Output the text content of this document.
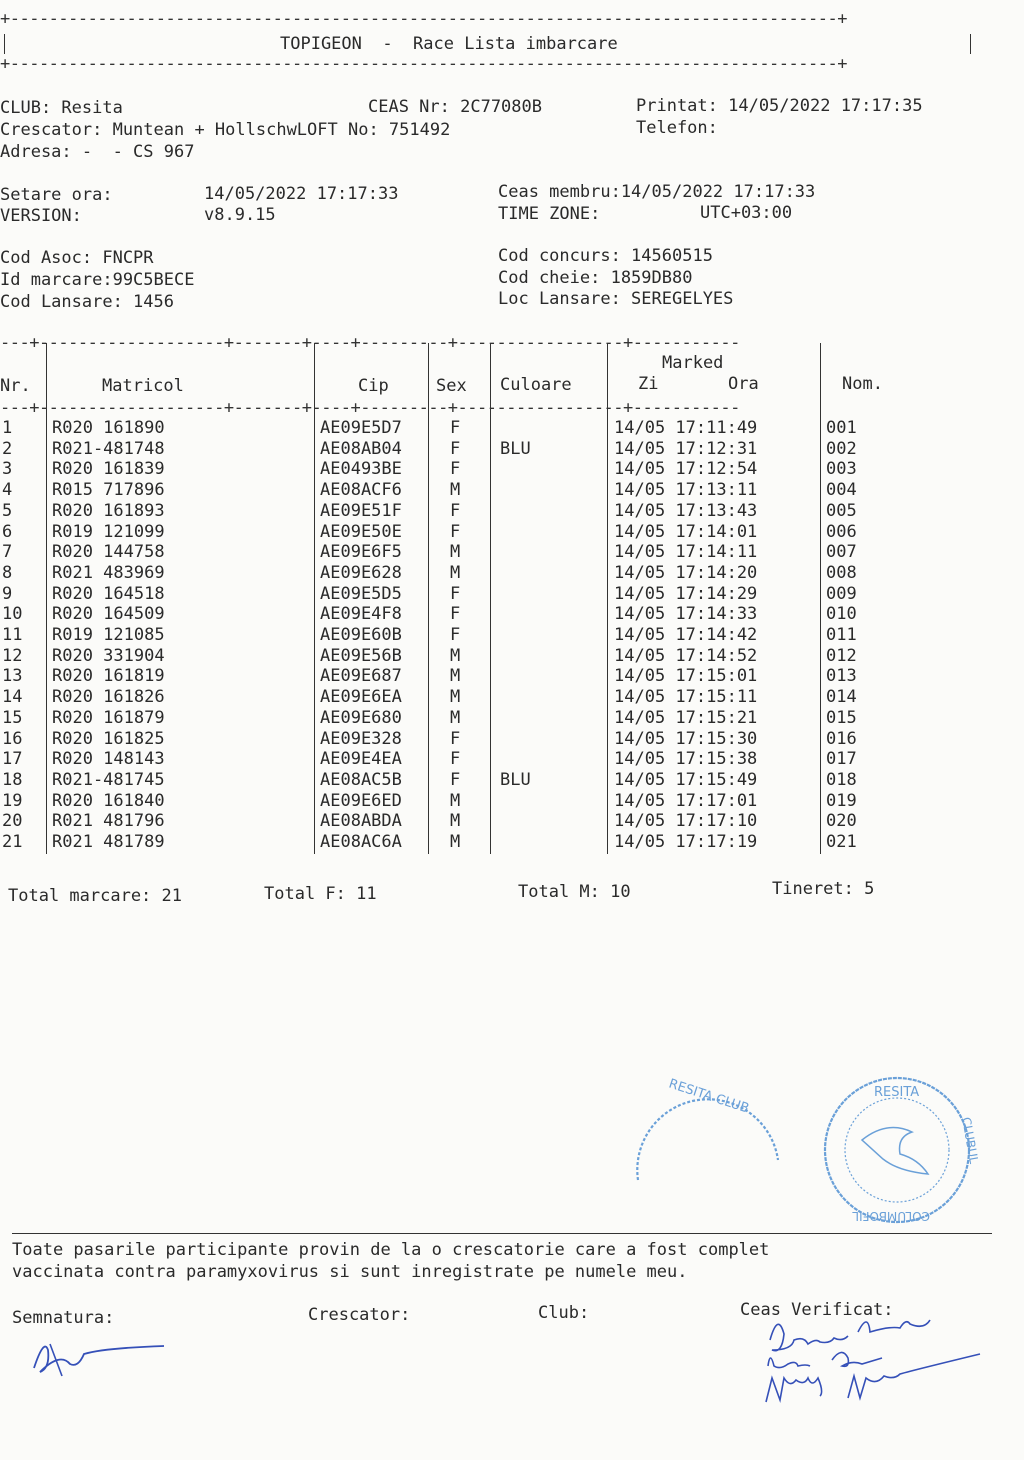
+-------------------------------------------------------------------------------------+
TOPIGEON  -  Race Lista imbarcare
+-------------------------------------------------------------------------------------+
CLUB: Resita	CEAS Nr: 2C77080B	Printat: 14/05/2022 17:17:35
Crescator: Muntean + HollschwLOFT No: 751492	Telefon:
Adresa: -  - CS 967
Setare ora:	14/05/2022 17:17:33	Ceas membru:14/05/2022 17:17:33
VERSION:	v8.9.15	TIME ZONE:	UTC+03:00
Cod Asoc: FNCPR	Cod concurs: 14560515
Id marcare:99C5BECE	Cod cheie: 1859DB80
Cod Lansare: 1456	Loc Lansare: SEREGELYES
---+-------------------+-------+----+---------+-----------------+-----------
---+-------------------+-------+----+---------+-----------------+-----------
Nr.	Matricol	Cip	Sex Culoare
Marked
Zi	Ora	Nom.
1 R020 161890	AE09E5D7	F	14/05 17:11:49	001
2 R021-481748	AE08AB04	F BLU	14/05 17:12:31	002
3 R020 161839	AE0493BE	F	14/05 17:12:54	003
4 R015 717896	AE08ACF6	M	14/05 17:13:11	004
5 R020 161893	AE09E51F	F	14/05 17:13:43	005
6 R019 121099	AE09E50E	F	14/05 17:14:01	006
7 R020 144758	AE09E6F5	M	14/05 17:14:11	007
8 R021 483969	AE09E628	M	14/05 17:14:20	008
9 R020 164518	AE09E5D5	F	14/05 17:14:29	009
10 R020 164509	AE09E4F8	F	14/05 17:14:33	010
11 R019 121085	AE09E60B	F	14/05 17:14:42	011
12 R020 331904	AE09E56B	M	14/05 17:14:52	012
13 R020 161819	AE09E687	M	14/05 17:15:01	013
14 R020 161826	AE09E6EA	M	14/05 17:15:11	014
15 R020 161879	AE09E680	M	14/05 17:15:21	015
16 R020 161825	AE09E328	F	14/05 17:15:30	016
17 R020 148143	AE09E4EA	F	14/05 17:15:38	017
18 R021-481745	AE08AC5B	F BLU	14/05 17:15:49	018
19 R020 161840	AE09E6ED	M	14/05 17:17:01	019
20 R021 481796	AE08ABDA	M	14/05 17:17:10	020
21 R021 481789	AE08AC6A	M	14/05 17:17:19	021
Total marcare: 21	Total F: 11	Total M: 10	Tineret: 5
RESITA CLUB	RESITA
CLUBUL
COLUMBOFIL
Toate pasarile participante provin de la o crescatorie care a fost complet
vaccinata contra paramyxovirus si sunt inregistrate pe numele meu.
Semnatura:	Crescator:	Club:	Ceas Verificat:
